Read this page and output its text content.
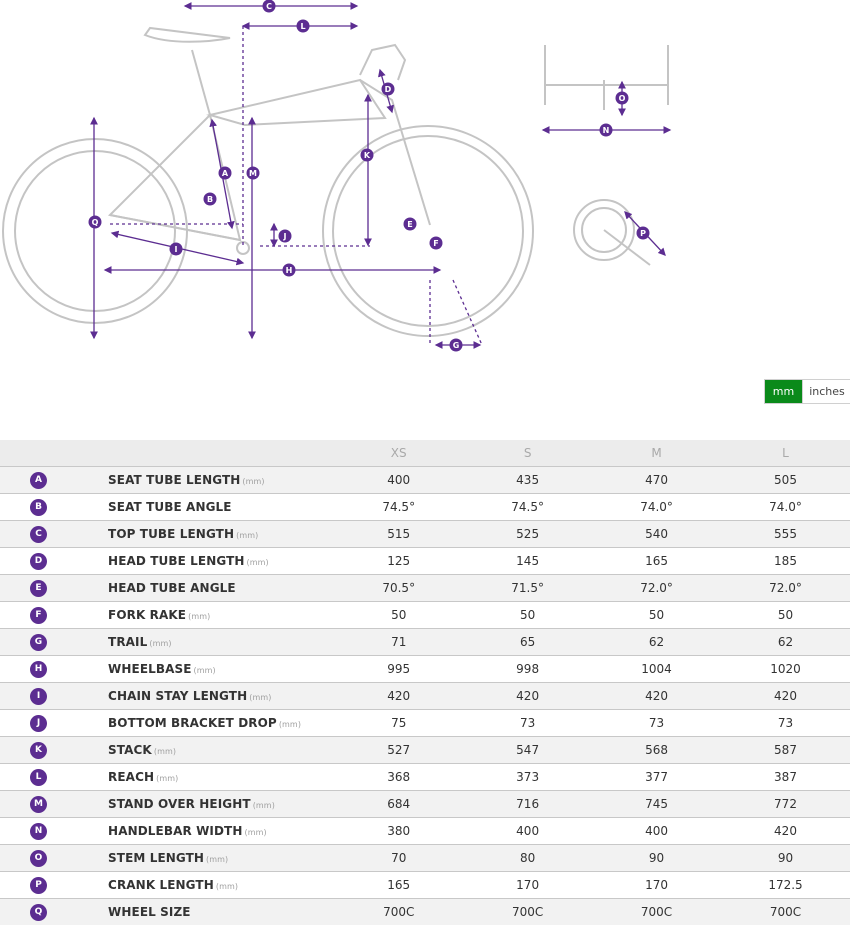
A
B
C
D
E
F
G
H
I
J
K
L
M
N
O
P
Q
mm	inches
		XS	S	M	L
A	SEAT TUBE LENGTH (mm)	400	435	470	505
B	SEAT TUBE ANGLE	74.5°	74.5°	74.0°	74.0°
C	TOP TUBE LENGTH (mm)	515	525	540	555
D	HEAD TUBE LENGTH (mm)	125	145	165	185
E	HEAD TUBE ANGLE	70.5°	71.5°	72.0°	72.0°
F	FORK RAKE (mm)	50	50	50	50
G	TRAIL (mm)	71	65	62	62
H	WHEELBASE (mm)	995	998	1004	1020
I	CHAIN STAY LENGTH (mm)	420	420	420	420
J	BOTTOM BRACKET DROP (mm)	75	73	73	73
K	STACK (mm)	527	547	568	587
L	REACH (mm)	368	373	377	387
M	STAND OVER HEIGHT (mm)	684	716	745	772
N	HANDLEBAR WIDTH (mm)	380	400	400	420
O	STEM LENGTH (mm)	70	80	90	90
P	CRANK LENGTH (mm)	165	170	170	172.5
Q	WHEEL SIZE	700C	700C	700C	700C
